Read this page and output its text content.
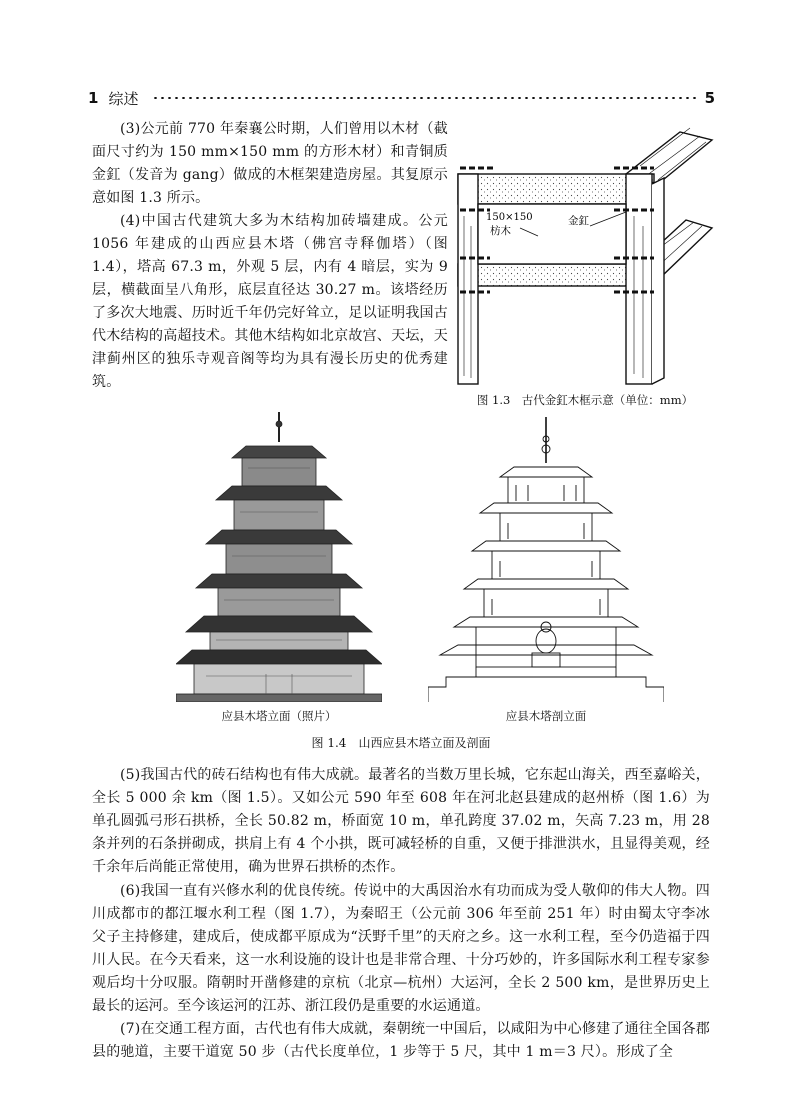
1 综述	5

(3)公元前 770 年秦襄公时期，人们曾用以木材（截面尺寸约为 150 mm×150 mm 的方形木材）和青铜质金釭（发音为 gang）做成的木框架建造房屋。其复原示意如图 1.3 所示。

(4)中国古代建筑大多为木结构加砖墙建成。公元 1056 年建成的山西应县木塔（佛宫寺释伽塔）（图 1.4），塔高 67.3 m，外观 5 层，内有 4 暗层，实为 9 层，横截面呈八角形，底层直径达 30.27 m。该塔经历了多次大地震、历时近千年仍完好耸立，足以证明我国古代木结构的高超技术。其他木结构如北京故宫、天坛，天津蓟州区的独乐寺观音阁等均为具有漫长历史的优秀建筑。

150×150
枋木
金釭
图 1.3　古代金釭木框示意（单位：mm）
应县木塔立面（照片）	应县木塔剖立面
图 1.4　山西应县木塔立面及剖面

(5)我国古代的砖石结构也有伟大成就。最著名的当数万里长城，它东起山海关，西至嘉峪关，全长 5 000 余 km（图 1.5）。又如公元 590 年至 608 年在河北赵县建成的赵州桥（图 1.6）为单孔圆弧弓形石拱桥，全长 50.82 m，桥面宽 10 m，单孔跨度 37.02 m，矢高 7.23 m，用 28 条并列的石条拼砌成，拱肩上有 4 个小拱，既可减轻桥的自重，又便于排泄洪水，且显得美观，经千余年后尚能正常使用，确为世界石拱桥的杰作。

(6)我国一直有兴修水利的优良传统。传说中的大禹因治水有功而成为受人敬仰的伟大人物。四川成都市的都江堰水利工程（图 1.7），为秦昭王（公元前 306 年至前 251 年）时由蜀太守李冰父子主持修建，建成后，使成都平原成为“沃野千里”的天府之乡。这一水利工程，至今仍造福于四川人民。在今天看来，这一水利设施的设计也是非常合理、十分巧妙的，许多国际水利工程专家参观后均十分叹服。隋朝时开凿修建的京杭（北京—杭州）大运河，全长 2 500 km，是世界历史上最长的运河。至今该运河的江苏、浙江段仍是重要的水运通道。

(7)在交通工程方面，古代也有伟大成就，秦朝统一中国后，以咸阳为中心修建了通往全国各郡县的驰道，主要干道宽 50 步（古代长度单位，1 步等于 5 尺，其中 1 m＝3 尺）。形成了全
